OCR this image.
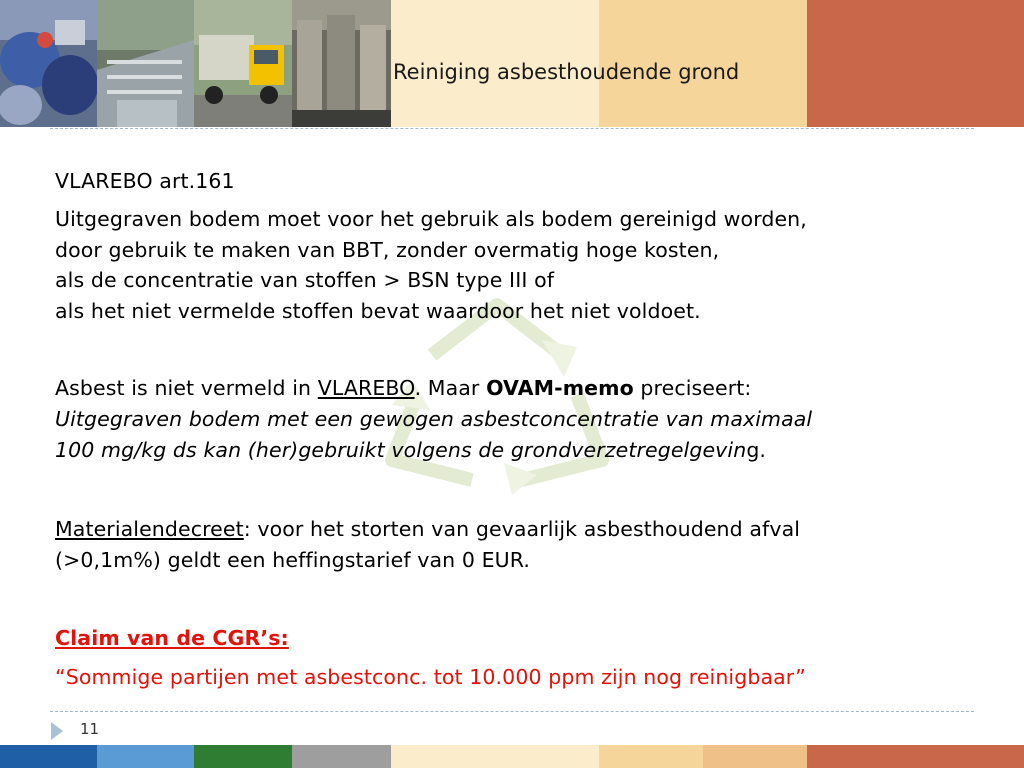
Reiniging asbesthoudende grond
VLAREBO art.161
Uitgegraven bodem moet voor het gebruik als bodem gereinigd worden,
door gebruik te maken van BBT, zonder overmatig hoge kosten,
als de concentratie van stoffen > BSN type III of
als het niet vermelde stoffen bevat waardoor het niet voldoet.
Asbest is niet vermeld in VLAREBO. Maar OVAM-memo preciseert:
Uitgegraven bodem met een gewogen asbestconcentratie van maximaal
100 mg/kg ds kan (her)gebruikt volgens de grondverzetregelgeving.
Materialendecreet: voor het storten van gevaarlijk asbesthoudend afval
(>0,1m%) geldt een heffingstarief van 0 EUR.
Claim van de CGR’s:
“Sommige partijen met asbestconc. tot 10.000 ppm zijn nog reinigbaar”
11
